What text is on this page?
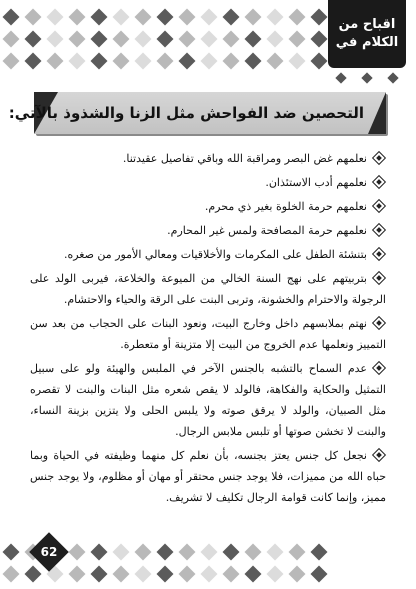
اقباح من
الكلام في
التحصين ضد الفواحش مثل الزنا والشذوذ بالآتي:
نعلمهم غض البصر ومراقبة الله وباقي تفاصيل عقيدتنا.
نعلمهم أدب الاستئذان.
نعلمهم حرمة الخلوة بغير ذي محرم.
نعلمهم حرمة المصافحة ولمس غير المحارم.
بتنشئة الطفل على المكرمات والأخلاقيات ومعالي الأمور من صغره.
بتربيتهم على نهج السنة الخالي من الميوعة والخلاعة، فيربى الولد على الرجولة والاحترام والخشونة، وتربى البنت على الرقة والحياء والاحتشام.
نهتم بملابسهم داخل وخارج البيت، ونعود البنات على الحجاب من بعد سن التمييز ونعلمها عدم الخروج من البيت إلا متزينة أو متعطرة.
عدم السماح بالتشبه بالجنس الآخر في الملبس والهيئة ولو على سبيل التمثيل والحكاية والفكاهة، فالولد لا يقص شعره مثل البنات والبنت لا تقصره مثل الصبيان، والولد لا يرقق صوته ولا يلبس الحلى ولا يتزين بزينة النساء، والبنت لا تخشن صوتها أو تلبس ملابس الرجال.
نجعل كل جنس يعتز بجنسه، بأن نعلم كل منهما وظيفته في الحياة وبما حباه الله من مميزات، فلا يوجد جنس محتقر أو مهان أو مظلوم، ولا يوجد جنس مميز، وإنما كانت قوامة الرجال تكليف لا تشريف.
62
